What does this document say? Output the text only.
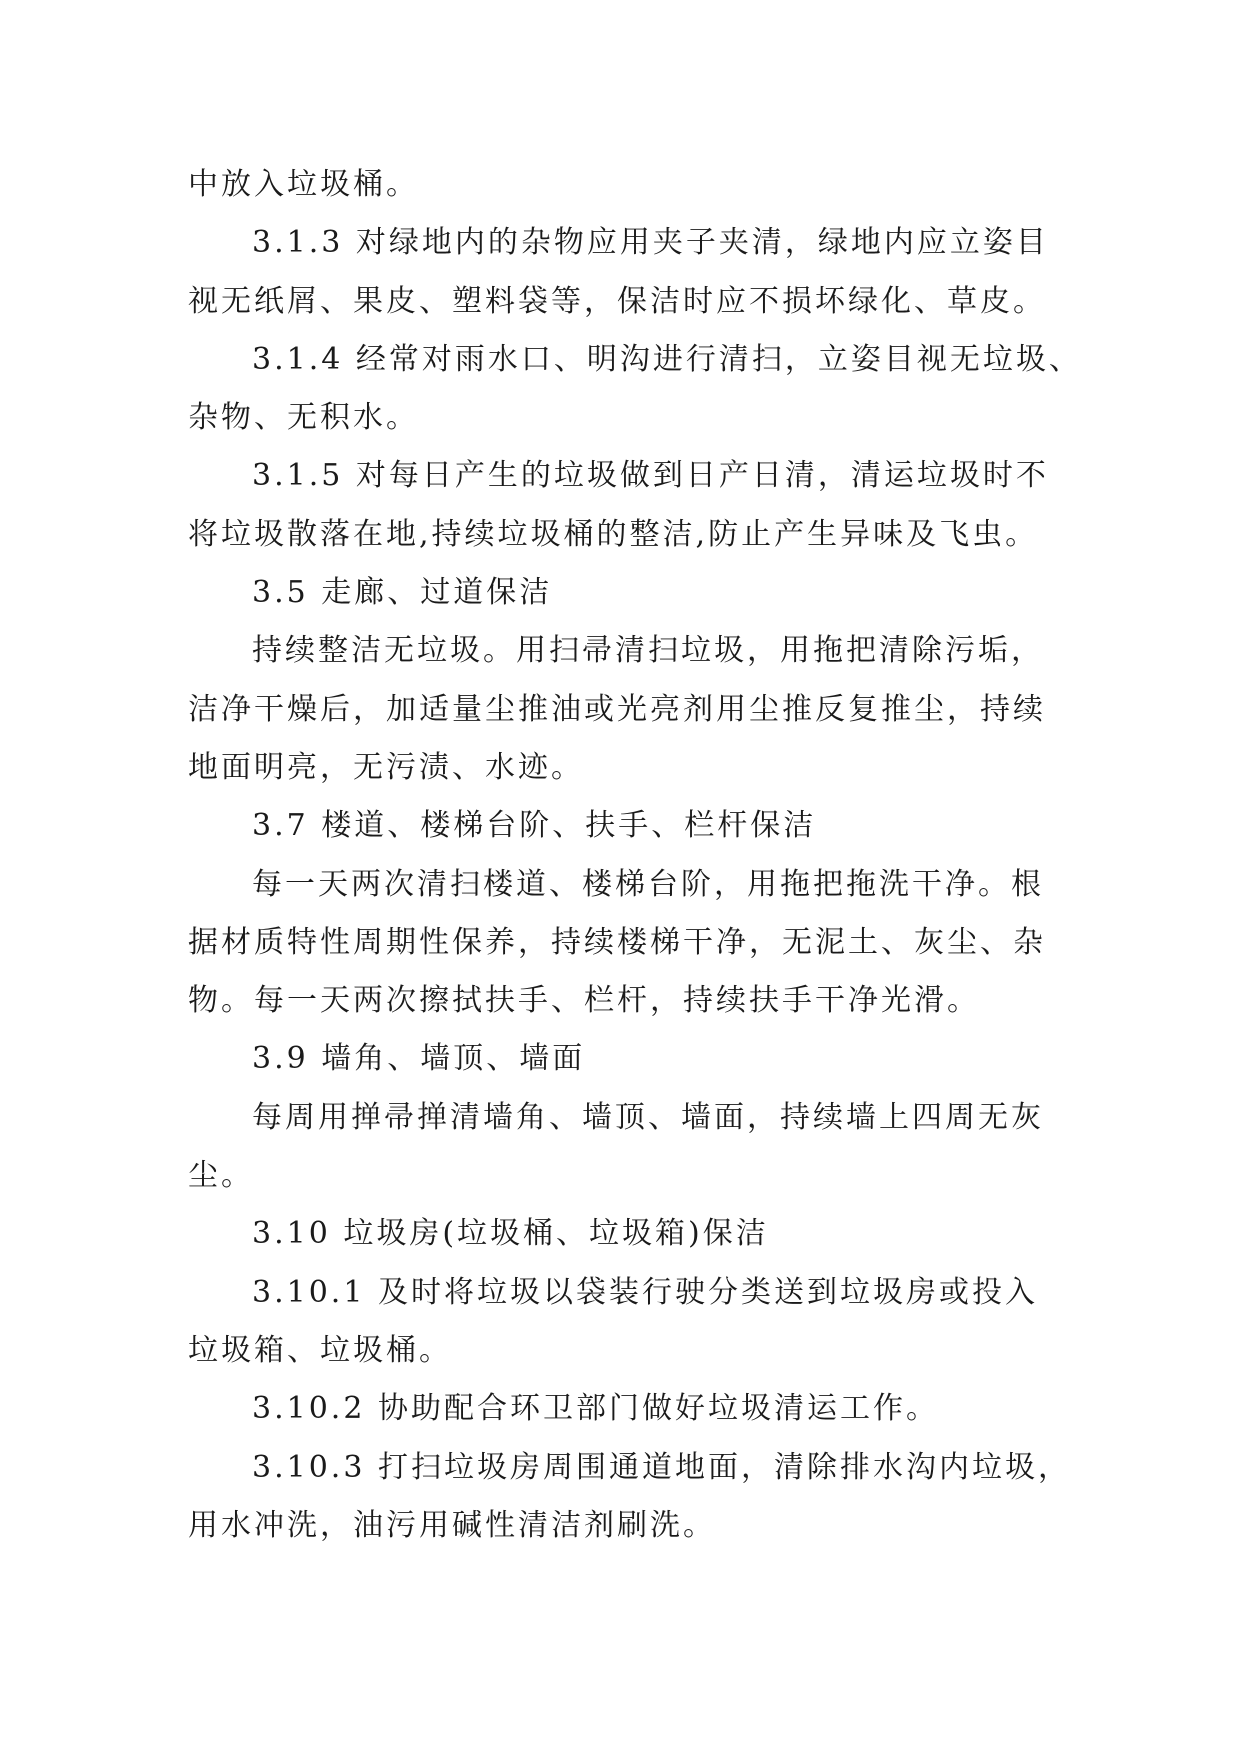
中放入垃圾桶。
3.1.3 对绿地内的杂物应用夹子夹清，绿地内应立姿目
视无纸屑、果皮、塑料袋等，保洁时应不损坏绿化、草皮。
3.1.4 经常对雨水口、明沟进行清扫，立姿目视无垃圾、
杂物、无积水。
3.1.5 对每日产生的垃圾做到日产日清，清运垃圾时不
将垃圾散落在地,持续垃圾桶的整洁,防止产生异味及飞虫。
3.5 走廊、过道保洁
持续整洁无垃圾。用扫帚清扫垃圾，用拖把清除污垢，
洁净干燥后，加适量尘推油或光亮剂用尘推反复推尘，持续
地面明亮，无污渍、水迹。
3.7 楼道、楼梯台阶、扶手、栏杆保洁
每一天两次清扫楼道、楼梯台阶，用拖把拖洗干净。根
据材质特性周期性保养，持续楼梯干净，无泥土、灰尘、杂
物。每一天两次擦拭扶手、栏杆，持续扶手干净光滑。
3.9 墙角、墙顶、墙面
每周用掸帚掸清墙角、墙顶、墙面，持续墙上四周无灰
尘。
3.10 垃圾房(垃圾桶、垃圾箱)保洁
3.10.1 及时将垃圾以袋装行驶分类送到垃圾房或投入
垃圾箱、垃圾桶。
3.10.2 协助配合环卫部门做好垃圾清运工作。
3.10.3 打扫垃圾房周围通道地面，清除排水沟内垃圾，
用水冲洗，油污用碱性清洁剂刷洗。
